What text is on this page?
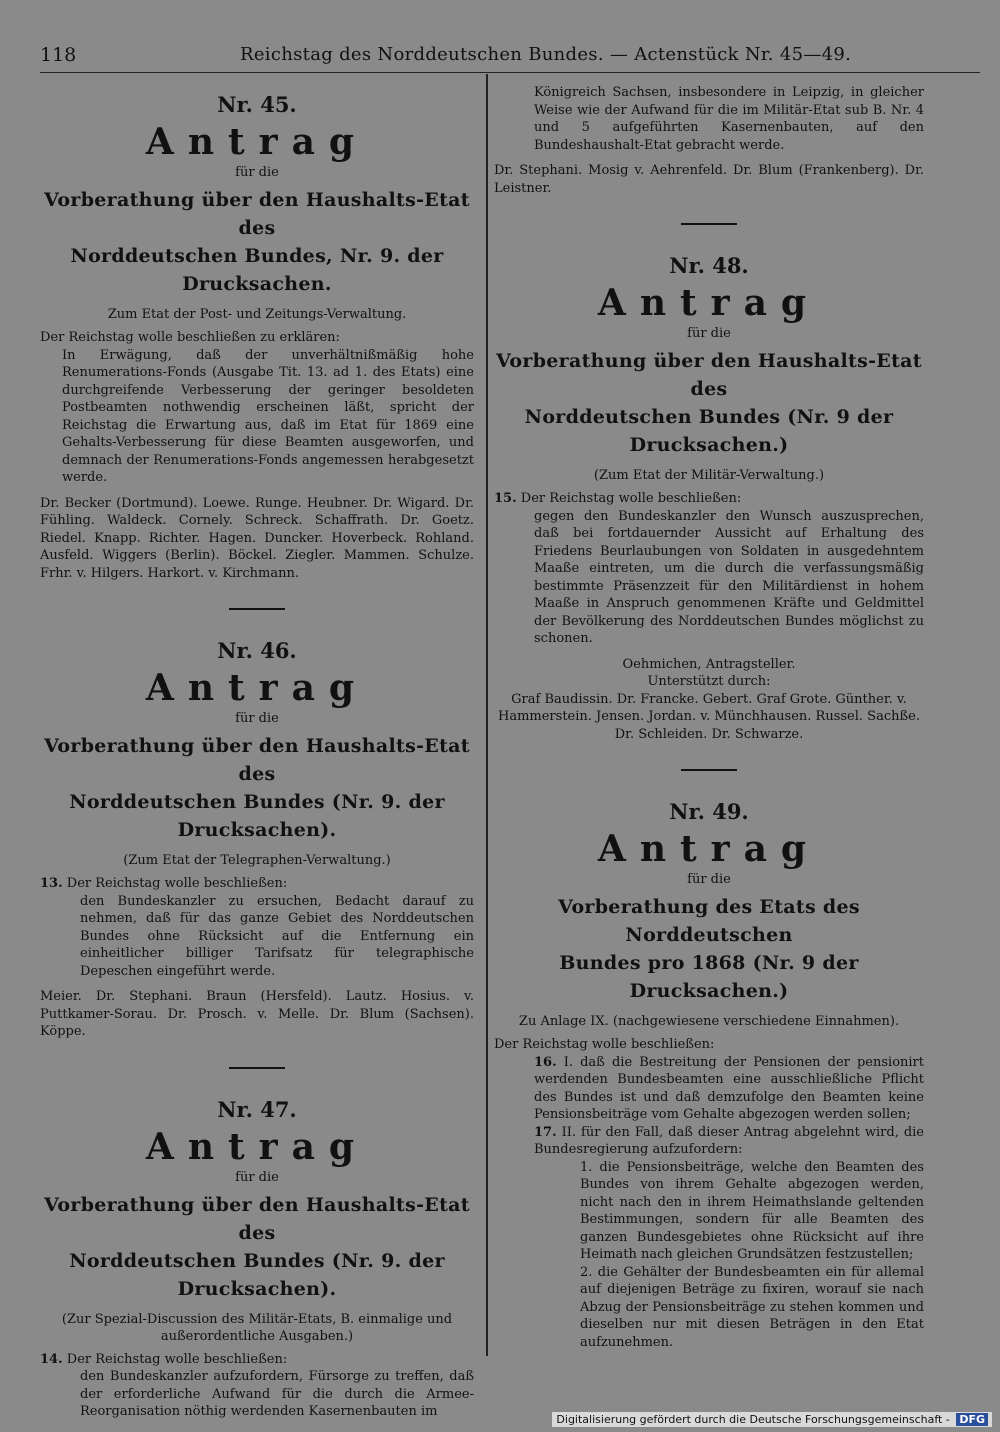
118	Reichstag des Norddeutschen Bundes. — Actenstück Nr. 45—49.
Nr. 45.
Antrag
für die
Vorberathung über den Haushalts-Etat des
Norddeutschen Bundes, Nr. 9. der Drucksachen.
Zum Etat der Post- und Zeitungs-Verwaltung.

Der Reichstag wolle beschließen zu erklären:

In Erwägung, daß der unverhältnißmäßig hohe Renumerations-Fonds (Ausgabe Tit. 13. ad 1. des Etats) eine durchgreifende Verbesserung der geringer besoldeten Postbeamten nothwendig erscheinen läßt, spricht der Reichstag die Erwartung aus, daß im Etat für 1869 eine Gehalts-Verbesserung für diese Beamten ausgeworfen, und demnach der Renumerations-Fonds angemessen herabgesetzt werde.

Dr. Becker (Dortmund). Loewe. Runge. Heubner. Dr. Wigard. Dr. Fühling. Waldeck. Cornely. Schreck. Schaffrath. Dr. Goetz. Riedel. Knapp. Richter. Hagen. Duncker. Hoverbeck. Rohland. Ausfeld. Wiggers (Berlin). Böckel. Ziegler. Mammen. Schulze. Frhr. v. Hilgers. Harkort. v. Kirchmann.
Nr. 46.
Antrag
für die
Vorberathung über den Haushalts-Etat des
Norddeutschen Bundes (Nr. 9. der Drucksachen).
(Zum Etat der Telegraphen-Verwaltung.)

13. Der Reichstag wolle beschließen:

den Bundeskanzler zu ersuchen, Bedacht darauf zu nehmen, daß für das ganze Gebiet des Norddeutschen Bundes ohne Rücksicht auf die Entfernung ein einheitlicher billiger Tarifsatz für telegraphische Depeschen eingeführt werde.

Meier. Dr. Stephani. Braun (Hersfeld). Lautz. Hosius. v. Puttkamer-Sorau. Dr. Prosch. v. Melle. Dr. Blum (Sachsen). Köppe.
Nr. 47.
Antrag
für die
Vorberathung über den Haushalts-Etat des
Norddeutschen Bundes (Nr. 9. der Drucksachen).
(Zur Spezial-Discussion des Militär-Etats, B. einmalige und außerordentliche Ausgaben.)

14. Der Reichstag wolle beschließen:

den Bundeskanzler aufzufordern, Fürsorge zu treffen, daß der erforderliche Aufwand für die durch die Armee-Reorganisation nöthig werdenden Kasernenbauten im

Königreich Sachsen, insbesondere in Leipzig, in gleicher Weise wie der Aufwand für die im Militär-Etat sub B. Nr. 4 und 5 aufgeführten Kasernenbauten, auf den Bundeshaushalt-Etat gebracht werde.

Dr. Stephani. Mosig v. Aehrenfeld. Dr. Blum (Frankenberg). Dr. Leistner.
Nr. 48.
Antrag
für die
Vorberathung über den Haushalts-Etat des
Norddeutschen Bundes (Nr. 9 der Drucksachen.)
(Zum Etat der Militär-Verwaltung.)

15. Der Reichstag wolle beschließen:

gegen den Bundeskanzler den Wunsch auszusprechen, daß bei fortdauernder Aussicht auf Erhaltung des Friedens Beurlaubungen von Soldaten in ausgedehntem Maaße eintreten, um die durch die verfassungsmäßig bestimmte Präsenzzeit für den Militärdienst in hohem Maaße in Anspruch genommenen Kräfte und Geldmittel der Bevölkerung des Norddeutschen Bundes möglichst zu schonen.

Oehmichen, Antragsteller.
Unterstützt durch:
Graf Baudissin. Dr. Francke. Gebert. Graf Grote. Günther. v. Hammerstein. Jensen. Jordan. v. Münchhausen. Russel. Sachße. Dr. Schleiden. Dr. Schwarze.
Nr. 49.
Antrag
für die
Vorberathung des Etats des Norddeutschen
Bundes pro 1868 (Nr. 9 der Drucksachen.)
Zu Anlage IX. (nachgewiesene verschiedene Einnahmen).

Der Reichstag wolle beschließen:

16. I. daß die Bestreitung der Pensionen der pensionirt werdenden Bundesbeamten eine ausschließliche Pflicht des Bundes ist und daß demzufolge den Beamten keine Pensionsbeiträge vom Gehalte abgezogen werden sollen;

17. II. für den Fall, daß dieser Antrag abgelehnt wird, die Bundesregierung aufzufordern:

1. die Pensionsbeiträge, welche den Beamten des Bundes von ihrem Gehalte abgezogen werden, nicht nach den in ihrem Heimathslande geltenden Bestimmungen, sondern für alle Beamten des ganzen Bundesgebietes ohne Rücksicht auf ihre Heimath nach gleichen Grundsätzen festzustellen;

2. die Gehälter der Bundesbeamten ein für allemal auf diejenigen Beträge zu fixiren, worauf sie nach Abzug der Pensionsbeiträge zu stehen kommen und dieselben nur mit diesen Beträgen in den Etat aufzunehmen.

Digitalisierung gefördert durch die Deutsche Forschungsgemeinschaft - DFG
